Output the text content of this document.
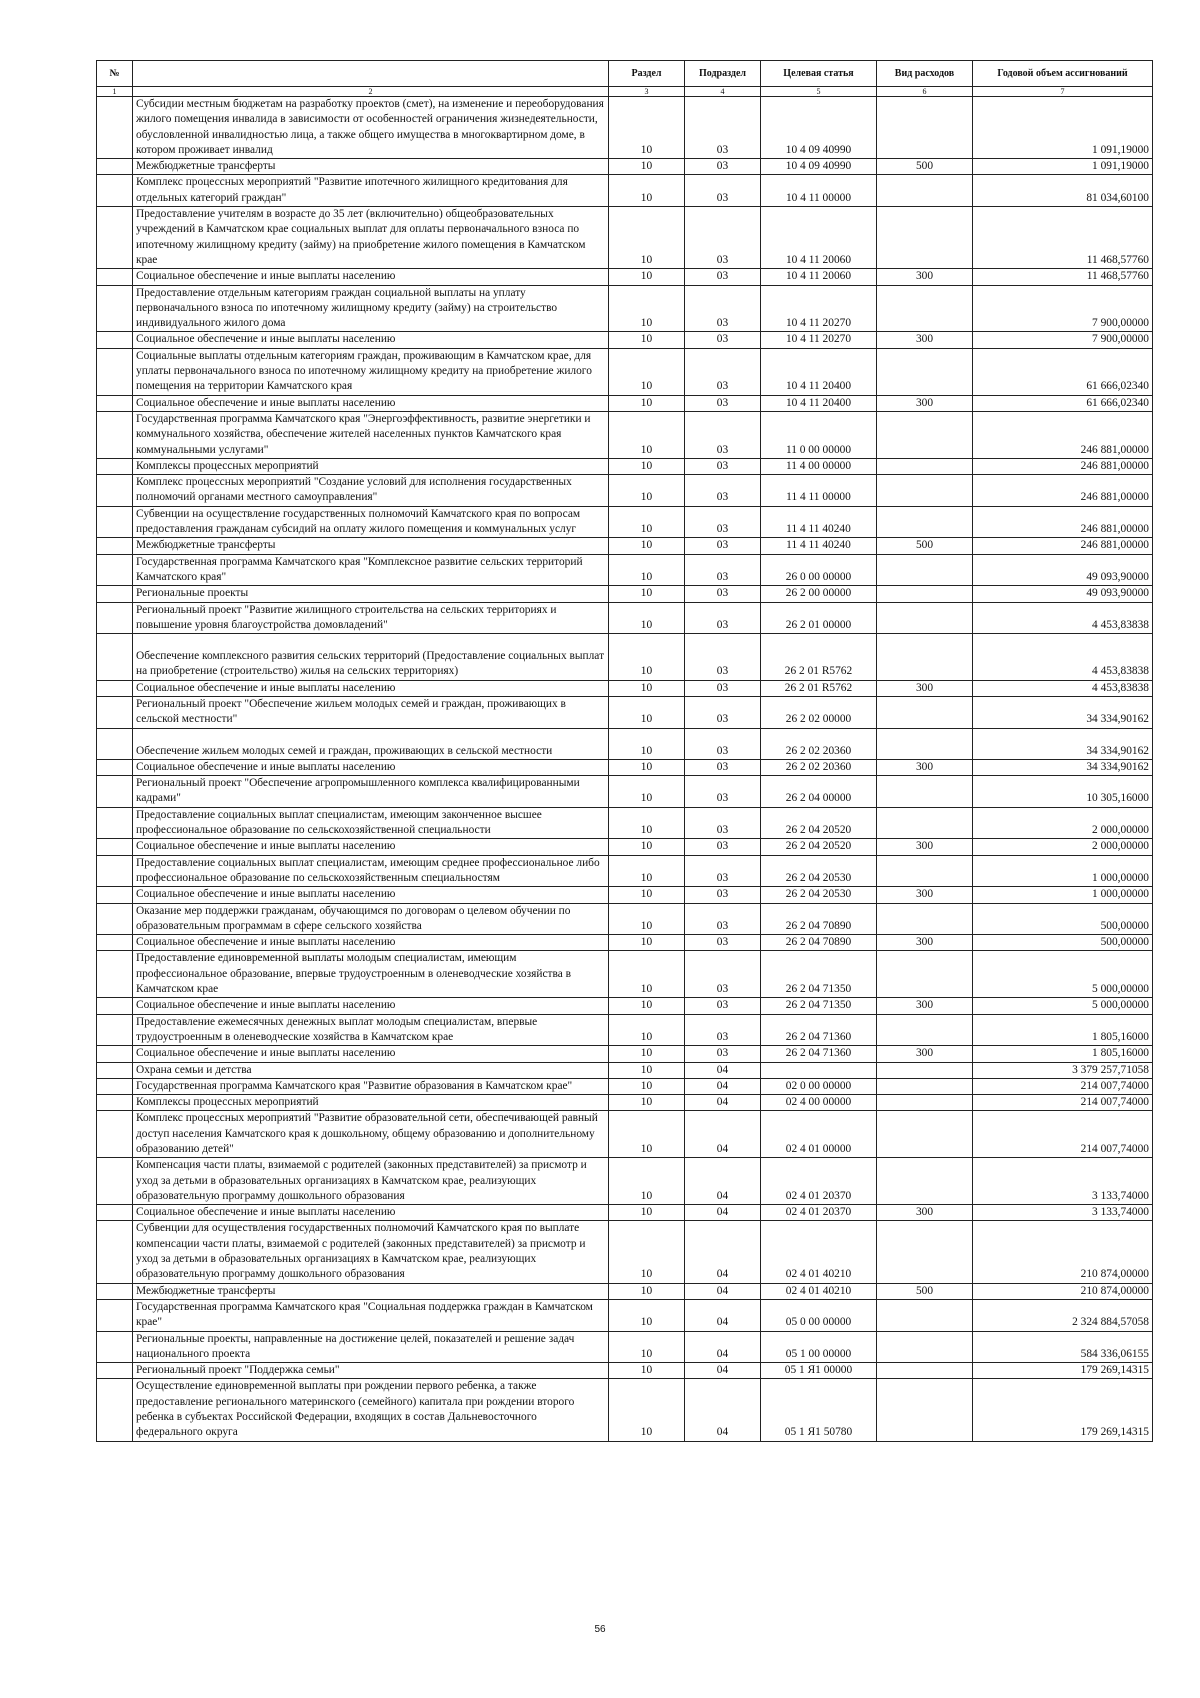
№		Раздел	Подраздел	Целевая статья	Вид расходов	Годовой объем ассигнований
1	2	3	4	5	6	7
	Субсидии местным бюджетам на разработку проектов (смет), на изменение и переоборудования жилого помещения инвалида в зависимости от особенностей ограничения жизнедеятельности, обусловленной инвалидностью лица, а также общего имущества в многоквартирном доме, в котором проживает инвалид	10	03	10 4 09 40990		1 091,19000
	Межбюджетные трансферты	10	03	10 4 09 40990	500	1 091,19000
	Комплекс процессных мероприятий "Развитие ипотечного жилищного кредитования для отдельных категорий граждан"	10	03	10 4 11 00000		81 034,60100
	Предоставление учителям в возрасте до 35 лет (включительно) общеобразовательных учреждений в Камчатском крае социальных выплат для оплаты первоначального взноса по ипотечному жилищному кредиту (займу) на приобретение жилого помещения в Камчатском крае	10	03	10 4 11 20060		11 468,57760
	Социальное обеспечение и иные выплаты населению	10	03	10 4 11 20060	300	11 468,57760
	Предоставление отдельным категориям граждан социальной выплаты на уплату первоначального взноса по ипотечному жилищному кредиту (займу) на строительство индивидуального жилого дома	10	03	10 4 11 20270		7 900,00000
	Социальное обеспечение и иные выплаты населению	10	03	10 4 11 20270	300	7 900,00000
	Социальные выплаты отдельным категориям граждан, проживающим в Камчатском крае, для уплаты первоначального взноса по ипотечному жилищному кредиту на приобретение жилого помещения на территории Камчатского края	10	03	10 4 11 20400		61 666,02340
	Социальное обеспечение и иные выплаты населению	10	03	10 4 11 20400	300	61 666,02340
	Государственная программа Камчатского края "Энергоэффективность, развитие энергетики и коммунального хозяйства, обеспечение жителей населенных пунктов Камчатского края коммунальными услугами"	10	03	11 0 00 00000		246 881,00000
	Комплексы процессных мероприятий	10	03	11 4 00 00000		246 881,00000
	Комплекс процессных мероприятий "Создание условий для исполнения государственных полномочий органами местного самоуправления"	10	03	11 4 11 00000		246 881,00000
	Субвенции на осуществление государственных полномочий Камчатского края по вопросам предоставления гражданам субсидий на оплату жилого помещения и коммунальных услуг	10	03	11 4 11 40240		246 881,00000
	Межбюджетные трансферты	10	03	11 4 11 40240	500	246 881,00000
	Государственная программа Камчатского края "Комплексное развитие сельских территорий Камчатского края"	10	03	26 0 00 00000		49 093,90000
	Региональные проекты	10	03	26 2 00 00000		49 093,90000
	Региональный проект "Развитие жилищного строительства на сельских территориях и повышение уровня благоустройства домовладений"	10	03	26 2 01 00000		4 453,83838
	Обеспечение комплексного развития сельских территорий (Предоставление социальных выплат на приобретение (строительство) жилья на сельских территориях)	10	03	26 2 01 R5762		4 453,83838
	Социальное обеспечение и иные выплаты населению	10	03	26 2 01 R5762	300	4 453,83838
	Региональный проект "Обеспечение жильем молодых семей и граждан, проживающих в сельской местности"	10	03	26 2 02 00000		34 334,90162
	Обеспечение жильем молодых семей и граждан, проживающих в сельской местности	10	03	26 2 02 20360		34 334,90162
	Социальное обеспечение и иные выплаты населению	10	03	26 2 02 20360	300	34 334,90162
	Региональный проект "Обеспечение агропромышленного комплекса квалифицированными кадрами"	10	03	26 2 04 00000		10 305,16000
	Предоставление социальных выплат специалистам, имеющим законченное высшее профессиональное образование по сельскохозяйственной специальности	10	03	26 2 04 20520		2 000,00000
	Социальное обеспечение и иные выплаты населению	10	03	26 2 04 20520	300	2 000,00000
	Предоставление социальных выплат специалистам, имеющим среднее профессиональное либо профессиональное образование по сельскохозяйственным специальностям	10	03	26 2 04 20530		1 000,00000
	Социальное обеспечение и иные выплаты населению	10	03	26 2 04 20530	300	1 000,00000
	Оказание мер поддержки гражданам, обучающимся по договорам о целевом обучении по образовательным программам в сфере сельского хозяйства	10	03	26 2 04 70890		500,00000
	Социальное обеспечение и иные выплаты населению	10	03	26 2 04 70890	300	500,00000
	Предоставление единовременной выплаты молодым специалистам, имеющим профессиональное образование, впервые трудоустроенным в оленеводческие хозяйства в Камчатском крае	10	03	26 2 04 71350		5 000,00000
	Социальное обеспечение и иные выплаты населению	10	03	26 2 04 71350	300	5 000,00000
	Предоставление ежемесячных денежных выплат молодым специалистам, впервые трудоустроенным в оленеводческие хозяйства в Камчатском крае	10	03	26 2 04 71360		1 805,16000
	Социальное обеспечение и иные выплаты населению	10	03	26 2 04 71360	300	1 805,16000
	Охрана семьи и детства	10	04			3 379 257,71058
	Государственная программа Камчатского края "Развитие образования в Камчатском крае"	10	04	02 0 00 00000		214 007,74000
	Комплексы процессных мероприятий	10	04	02 4 00 00000		214 007,74000
	Комплекс процессных мероприятий "Развитие образовательной сети, обеспечивающей равный доступ населения Камчатского края к дошкольному, общему образованию и дополнительному образованию детей"	10	04	02 4 01 00000		214 007,74000
	Компенсация части платы, взимаемой с родителей (законных представителей) за присмотр и уход за детьми в образовательных организациях в Камчатском крае, реализующих образовательную программу дошкольного образования	10	04	02 4 01 20370		3 133,74000
	Социальное обеспечение и иные выплаты населению	10	04	02 4 01 20370	300	3 133,74000
	Субвенции для осуществления государственных полномочий Камчатского края по выплате компенсации части платы, взимаемой с родителей (законных представителей) за присмотр и уход за детьми в образовательных организациях в Камчатском крае, реализующих образовательную программу дошкольного образования	10	04	02 4 01 40210		210 874,00000
	Межбюджетные трансферты	10	04	02 4 01 40210	500	210 874,00000
	Государственная программа Камчатского края "Социальная поддержка граждан в Камчатском крае"	10	04	05 0 00 00000		2 324 884,57058
	Региональные проекты, направленные на достижение целей, показателей и решение задач национального проекта	10	04	05 1 00 00000		584 336,06155
	Региональный проект "Поддержка семьи"	10	04	05 1 Я1 00000		179 269,14315
	Осуществление единовременной выплаты при рождении первого ребенка, а также предоставление регионального материнского (семейного) капитала при рождении второго ребенка в субъектах Российской Федерации, входящих в состав Дальневосточного федерального округа	10	04	05 1 Я1 50780		179 269,14315
56
